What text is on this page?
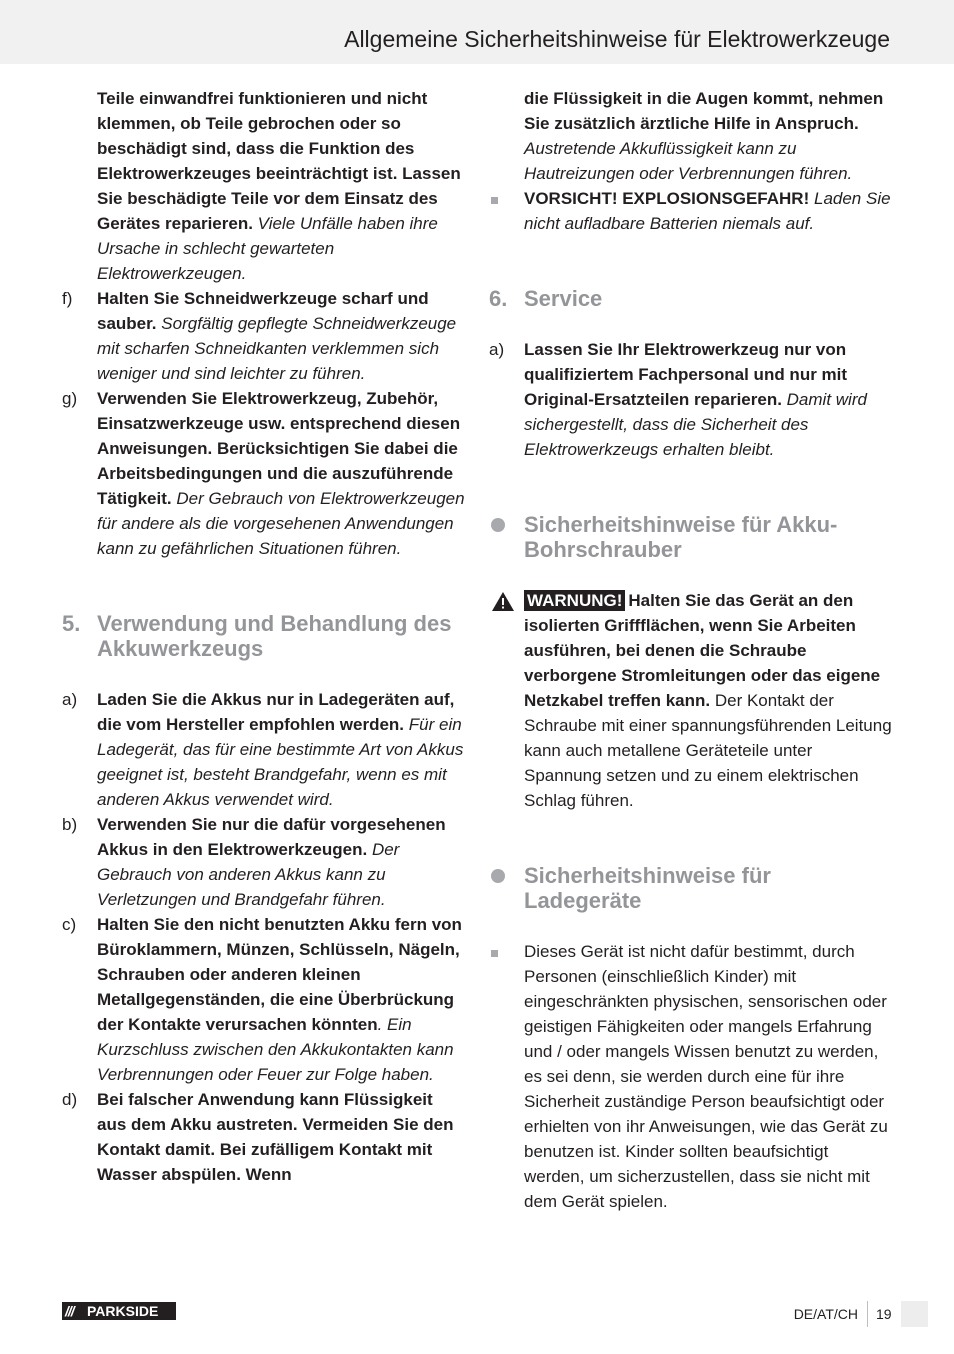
Allgemeine Sicherheitshinweise für Elektrowerkzeuge

Teile einwandfrei funktionieren und nicht klemmen, ob Teile gebrochen oder so beschädigt sind, dass die Funktion des Elektrowerkzeuges beeinträchtigt ist. Lassen Sie beschädigte Teile vor dem Einsatz des Gerätes reparieren. Viele Unfälle haben ihre Ursache in schlecht gewarteten Elektrowerkzeugen.

f) Halten Sie Schneidwerkzeuge scharf und sauber. Sorgfältig gepflegte Schneidwerkzeuge mit scharfen Schneidkanten verklemmen sich weniger und sind leichter zu führen.

g) Verwenden Sie Elektrowerkzeug, Zubehör, Einsatzwerkzeuge usw. entsprechend diesen Anweisungen. Berücksichtigen Sie dabei die Arbeitsbedingungen und die auszuführende Tätigkeit. Der Gebrauch von Elektrowerkzeugen für andere als die vorgesehenen Anwendungen kann zu gefährlichen Situationen führen.

5. Verwendung und Behandlung des Akkuwerkzeugs

a) Laden Sie die Akkus nur in Ladegeräten auf, die vom Hersteller empfohlen werden. Für ein Ladegerät, das für eine bestimmte Art von Akkus geeignet ist, besteht Brandgefahr, wenn es mit anderen Akkus verwendet wird.

b) Verwenden Sie nur die dafür vorgesehenen Akkus in den Elektrowerkzeugen. Der Gebrauch von anderen Akkus kann zu Verletzungen und Brandgefahr führen.

c) Halten Sie den nicht benutzten Akku fern von Büroklammern, Münzen, Schlüsseln, Nägeln, Schrauben oder anderen kleinen Metallgegenständen, die eine Überbrückung der Kontakte verursachen könnten. Ein Kurzschluss zwischen den Akkukontakten kann Verbrennungen oder Feuer zur Folge haben.

d) Bei falscher Anwendung kann Flüssigkeit aus dem Akku austreten. Vermeiden Sie den Kontakt damit. Bei zufälligem Kontakt mit Wasser abspülen. Wenn

die Flüssigkeit in die Augen kommt, nehmen Sie zusätzlich ärztliche Hilfe in Anspruch. Austretende Akkuflüssigkeit kann zu Hautreizungen oder Verbrennungen führen.

VORSICHT! EXPLOSIONSGEFAHR! Laden Sie nicht aufladbare Batterien niemals auf.

6. Service

a) Lassen Sie Ihr Elektrowerkzeug nur von qualifiziertem Fachpersonal und nur mit Original-Ersatzteilen reparieren. Damit wird sichergestellt, dass die Sicherheit des Elektrowerkzeugs erhalten bleibt.

Sicherheitshinweise für Akku-Bohrschrauber

WARNUNG! Halten Sie das Gerät an den isolierten Griffflächen, wenn Sie Arbeiten ausführen, bei denen die Schraube verborgene Stromleitungen oder das eigene Netzkabel treffen kann. Der Kontakt der Schraube mit einer spannungsführenden Leitung kann auch metallene Geräteteile unter Spannung setzen und zu einem elektrischen Schlag führen.

Sicherheitshinweise für Ladegeräte

Dieses Gerät ist nicht dafür bestimmt, durch Personen (einschließlich Kinder) mit eingeschränkten physischen, sensorischen oder geistigen Fähigkeiten oder mangels Erfahrung und / oder mangels Wissen benutzt zu werden, es sei denn, sie werden durch eine für ihre Sicherheit zuständige Person beaufsichtigt oder erhielten von ihr Anweisungen, wie das Gerät zu benutzen ist. Kinder sollten beaufsichtigt werden, um sicherzustellen, dass sie nicht mit dem Gerät spielen.

/// PARKSIDE	DE/AT/CH 19
